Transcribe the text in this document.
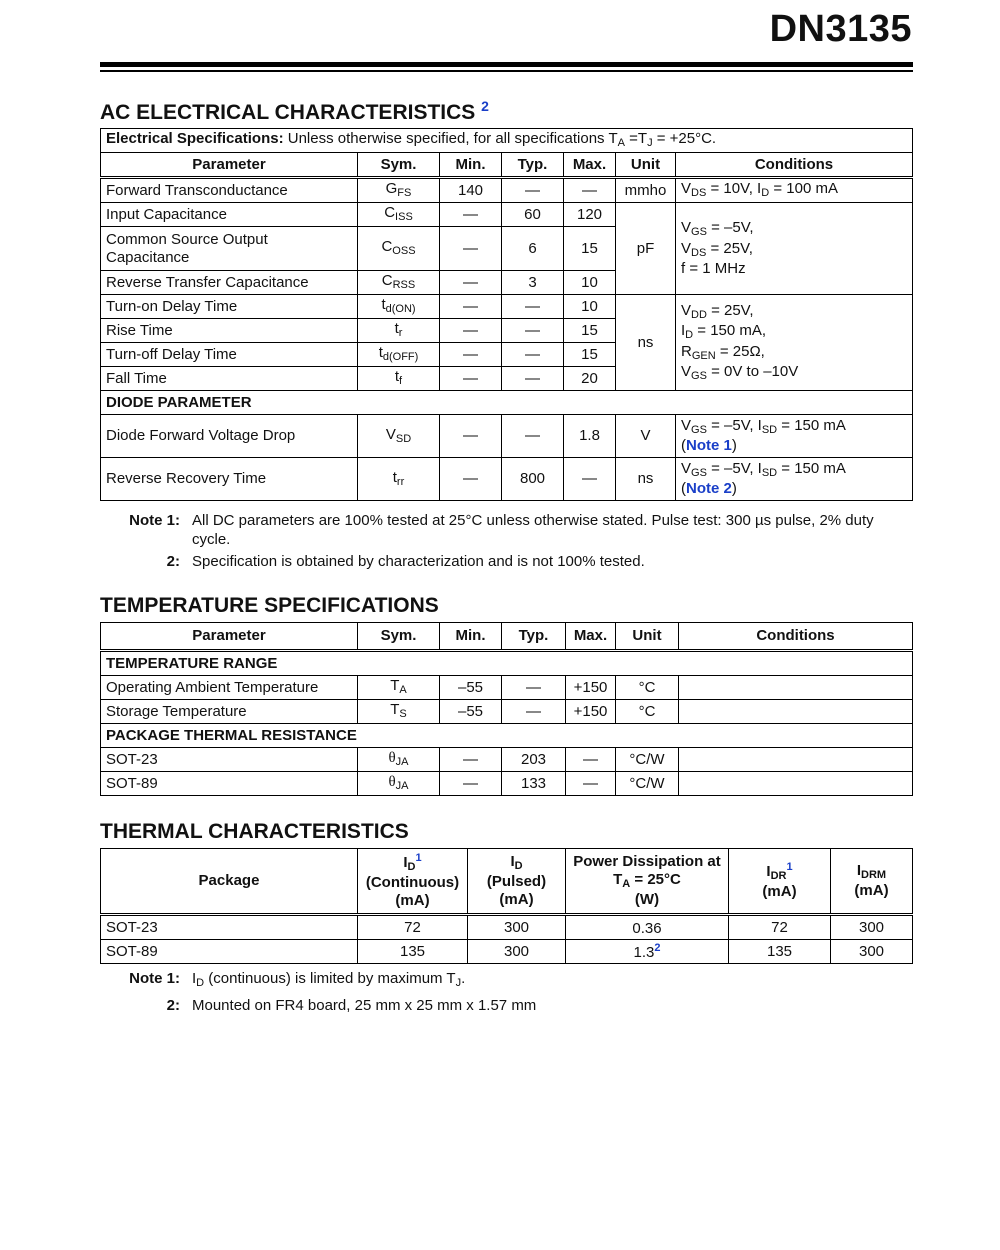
DN3135
AC ELECTRICAL CHARACTERISTICS $^2$
Electrical Specifications: Unless otherwise specified, for all specifications $T_A =T_J = +25^\circ C$.						
Parameter	Sym.	Min.	Typ.	Max.	Unit	Conditions
Forward Transconductance	$G_{FS}$	140	—	—	mmho	$V_{DS} = 10V$, $I_D = 100$ mA
Input Capacitance	$C_{ISS}$	—	60	120	pF	$V_{GS} = -5V$,
$V_{DS} = 25V$,
f = 1 MHz
Common Source Output Capacitance	$C_{OSS}$	—	6	15		
Reverse Transfer Capacitance	$C_{RSS}$	—	3	10		
Turn-on Delay Time	$t_{d(ON)}$	—	—	10	ns	$V_{DD} = 25V$,
$I_D = 150$ mA,
$R_{GEN} = 25\Omega$,
$V_{GS} = 0V$ to –10V
Rise Time	$t_r$	—	—	15		
Turn-off Delay Time	$t_{d(OFF)}$	—	—	15		
Fall Time	$t_f$	—	—	20		
DIODE PARAMETER						
Diode Forward Voltage Drop	$V_{SD}$	—	—	1.8	V	$V_{GS} = -5V$, $I_{SD} = 150$ mA
(Note 1)
Reverse Recovery Time	$t_{rr}$	—	800	—	ns	$V_{GS} = -5V$, $I_{SD} = 150$ mA
(Note 2)
Note 1: All DC parameters are 100% tested at 25°C unless otherwise stated. Pulse test: 300 µs pulse, 2% duty cycle.
2: Specification is obtained by characterization and is not 100% tested.
TEMPERATURE SPECIFICATIONS
Parameter	Sym.	Min.	Typ.	Max.	Unit	Conditions
TEMPERATURE RANGE						
Operating Ambient Temperature	$T_A$	–55	—	+150	°C	
Storage Temperature	$T_S$	–55	—	+150	°C	
PACKAGE THERMAL RESISTANCE						
SOT-23	$\theta_{JA}$	—	203	—	°C/W	
SOT-89	$\theta_{JA}$	—	133	—	°C/W	
THERMAL CHARACTERISTICS
Package	$I_D^1$
(Continuous)
(mA)	$I_D$
(Pulsed)
(mA)	Power Dissipation at
$T_A = 25^\circ C$
(W)	$I_{DR}^1$
(mA)	$I_{DRM}$
(mA)
SOT-23	72	300	0.36	72	300
SOT-89	135	300	$1.3^2$	135	300
Note 1: $I_D$ (continuous) is limited by maximum $T_J$.
2: Mounted on FR4 board, 25 mm x 25 mm x 1.57 mm
